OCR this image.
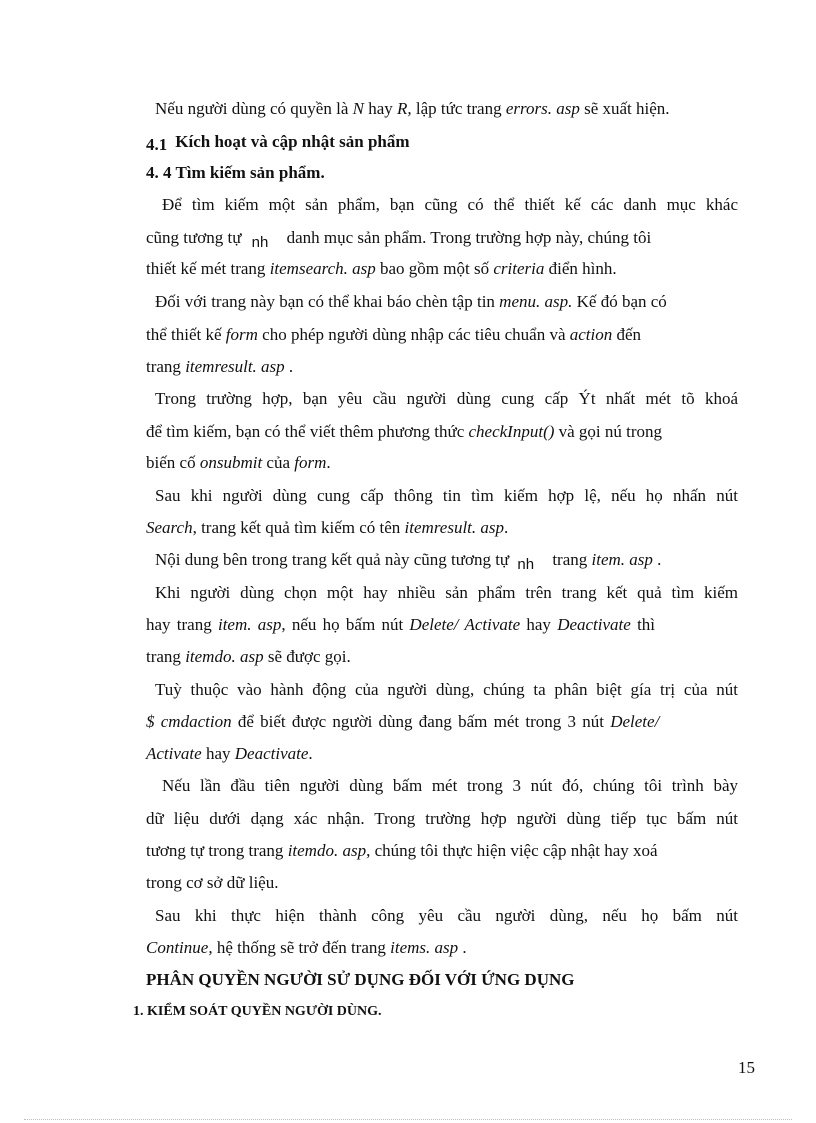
Nếu người dùng có quyền là N hay R, lập tức trang errors. asp sẽ xuất hiện.
4.1 Kích hoạt và cập nhật sản phẩm
4. 4 Tìm kiếm sản phẩm.
Để tìm kiếm một sản phẩm, bạn cũng có thể thiết kế các danh mục khác
cũng tương tự nh danh mục sản phẩm. Trong trường hợp này, chúng tôi
thiết kế mét trang itemsearch. asp bao gồm một số criteria điển hình.
Đối với trang này bạn có thể khai báo chèn tập tin menu. asp. Kế đó bạn có
thể thiết kế form cho phép người dùng nhập các tiêu chuẩn và action đến
trang itemresult. asp .
Trong trường hợp, bạn yêu cầu người dùng cung cấp Ýt nhất mét tõ khoá
để tìm kiếm, bạn có thể viết thêm phương thức checkInput() và gọi nú trong
biến cố onsubmit của form.
Sau khi người dùng cung cấp thông tin tìm kiếm hợp lệ, nếu họ nhấn nút
Search, trang kết quả tìm kiếm có tên itemresult. asp.
Nội dung bên trong trang kết quả này cũng tương tự nh trang item. asp .
Khi người dùng chọn một hay nhiều sản phẩm trên trang kết quả tìm kiếm
hay trang item. asp, nếu họ bấm nút Delete/ Activate hay Deactivate thì
trang itemdo. asp sẽ được gọi.
Tuỳ thuộc vào hành động của người dùng, chúng ta phân biệt gía trị của nút
$ cmdaction để biết được người dùng đang bấm mét trong 3 nút Delete/
Activate hay Deactivate.
Nếu lần đầu tiên người dùng bấm mét trong 3 nút đó, chúng tôi trình bày
dữ liệu dưới dạng xác nhận. Trong trường hợp người dùng tiếp tục bấm nút
tương tự trong trang itemdo. asp, chúng tôi thực hiện việc cập nhật hay xoá
trong cơ sở dữ liệu.
Sau khi thực hiện thành công yêu cầu người dùng, nếu họ bấm nút
Continue, hệ thống sẽ trở đến trang items. asp .
PHÂN QUYỀN NGƯỜI SỬ DỤNG ĐỐI VỚI ỨNG DỤNG
1. KIỂM SOÁT QUYỀN NGƯỜI DÙNG.
15
